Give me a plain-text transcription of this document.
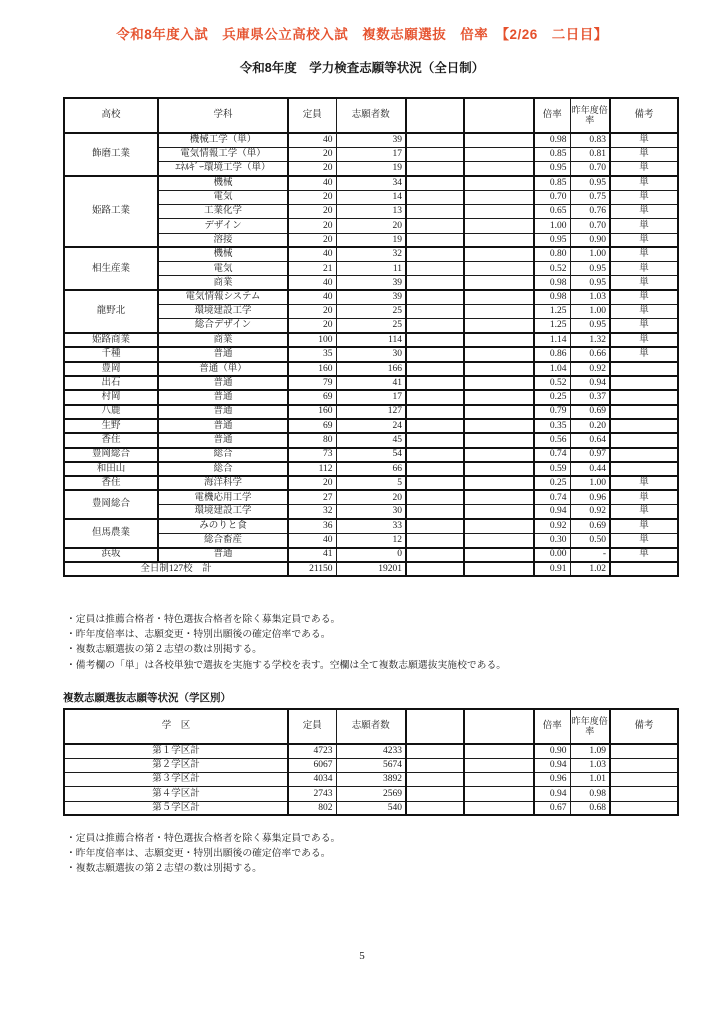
令和8年度入試　兵庫県公立高校入試　複数志願選抜　倍率　【2/26　二日目】
令和8年度　学力検査志願等状況（全日制）
高校	学科	定員	志願者数			倍率	昨年度倍率	備考
飾磨工業	機械工学（単）	40	39			0.98	0.83	単
	電気情報工学（単）	20	17			0.85	0.81	単
	ｴﾈﾙｷﾞｰ環境工学（単）	20	19			0.95	0.70	単
姫路工業	機械	40	34			0.85	0.95	単
	電気	20	14			0.70	0.75	単
	工業化学	20	13			0.65	0.76	単
	デザイン	20	20			1.00	0.70	単
	溶接	20	19			0.95	0.90	単
相生産業	機械	40	32			0.80	1.00	単
	電気	21	11			0.52	0.95	単
	商業	40	39			0.98	0.95	単
龍野北	電気情報システム	40	39			0.98	1.03	単
	環境建設工学	20	25			1.25	1.00	単
	総合デザイン	20	25			1.25	0.95	単
姫路商業	商業	100	114			1.14	1.32	単
千種	普通	35	30			0.86	0.66	単
豊岡	普通（単）	160	166			1.04	0.92	
出石	普通	79	41			0.52	0.94	
村岡	普通	69	17			0.25	0.37	
八鹿	普通	160	127			0.79	0.69	
生野	普通	69	24			0.35	0.20	
香住	普通	80	45			0.56	0.64	
豊岡総合	総合	73	54			0.74	0.97	
和田山	総合	112	66			0.59	0.44	
香住	海洋科学	20	5			0.25	1.00	単
豊岡総合	電機応用工学	27	20			0.74	0.96	単
	環境建設工学	32	30			0.94	0.92	単
但馬農業	みのりと食	36	33			0.92	0.69	単
	総合畜産	40	12			0.30	0.50	単
浜坂	普通	41	0			0.00	-	単
全日制127校　計		21150	19201			0.91	1.02	
・定員は推薦合格者・特色選抜合格者を除く募集定員である。
・昨年度倍率は、志願変更・特別出願後の確定倍率である。
・複数志願選抜の第２志望の数は別掲する。
・備考欄の「単」は各校単独で選抜を実施する学校を表す。空欄は全て複数志願選抜実施校である。
複数志願選抜志願等状況（学区別）
学　区	定員	志願者数			倍率	昨年度倍率	備考
第１学区計	4723	4233			0.90	1.09	
第２学区計	6067	5674			0.94	1.03	
第３学区計	4034	3892			0.96	1.01	
第４学区計	2743	2569			0.94	0.98	
第５学区計	802	540			0.67	0.68	
・定員は推薦合格者・特色選抜合格者を除く募集定員である。
・昨年度倍率は、志願変更・特別出願後の確定倍率である。
・複数志願選抜の第２志望の数は別掲する。
5
